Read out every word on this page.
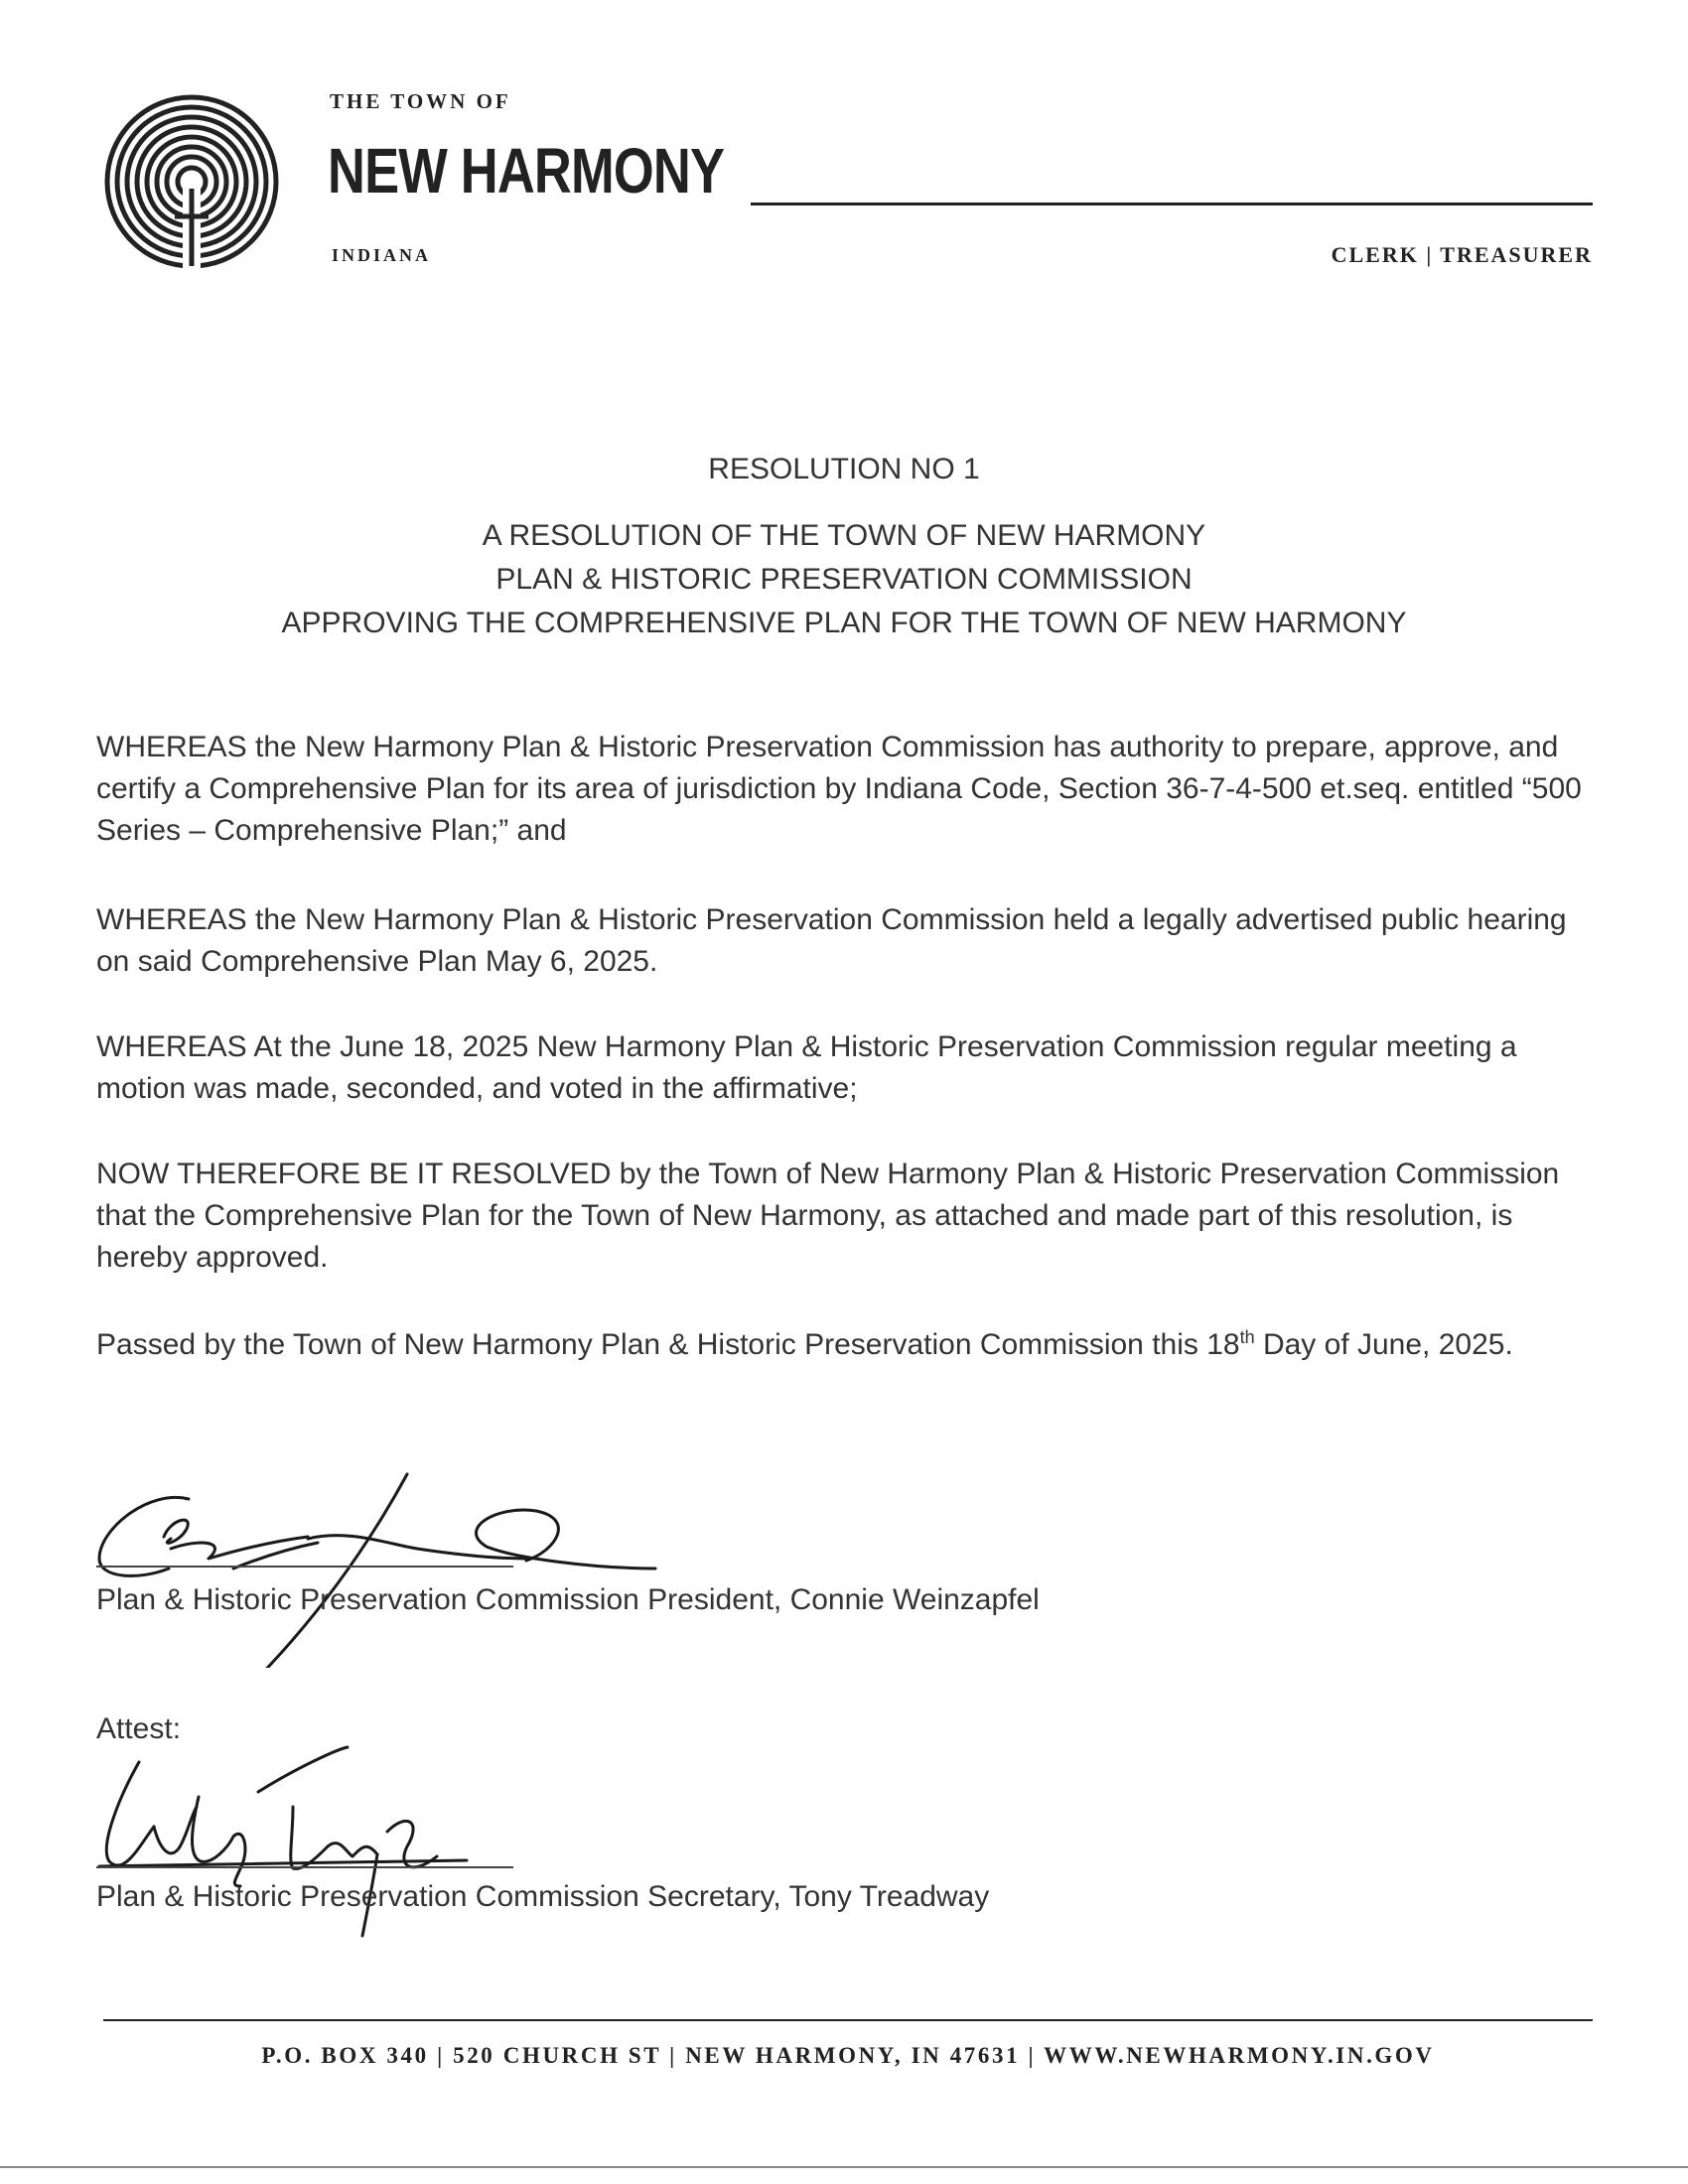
THE TOWN OF
NEW HARMONY
INDIANA	CLERK | TREASURER
RESOLUTION NO 1
A RESOLUTION OF THE TOWN OF NEW HARMONY
PLAN & HISTORIC PRESERVATION COMMISSION
APPROVING THE COMPREHENSIVE PLAN FOR THE TOWN OF NEW HARMONY
WHEREAS the New Harmony Plan & Historic Preservation Commission has authority to prepare, approve, and certify a Comprehensive Plan for its area of jurisdiction by Indiana Code, Section 36-7-4-500 et.seq. entitled “500 Series – Comprehensive Plan;” and
WHEREAS the New Harmony Plan & Historic Preservation Commission held a legally advertised public hearing on said Comprehensive Plan May 6, 2025.
WHEREAS At the June 18, 2025 New Harmony Plan & Historic Preservation Commission regular meeting a motion was made, seconded, and voted in the affirmative;
NOW THEREFORE BE IT RESOLVED by the Town of New Harmony Plan & Historic Preservation Commission that the Comprehensive Plan for the Town of New Harmony, as attached and made part of this resolution, is hereby approved.
Passed by the Town of New Harmony Plan & Historic Preservation Commission this 18th Day of June, 2025.
Plan & Historic Preservation Commission President, Connie Weinzapfel
Attest:
Plan & Historic Preservation Commission Secretary, Tony Treadway
P.O. BOX 340 | 520 CHURCH ST | NEW HARMONY, IN 47631 | WWW.NEWHARMONY.IN.GOV
